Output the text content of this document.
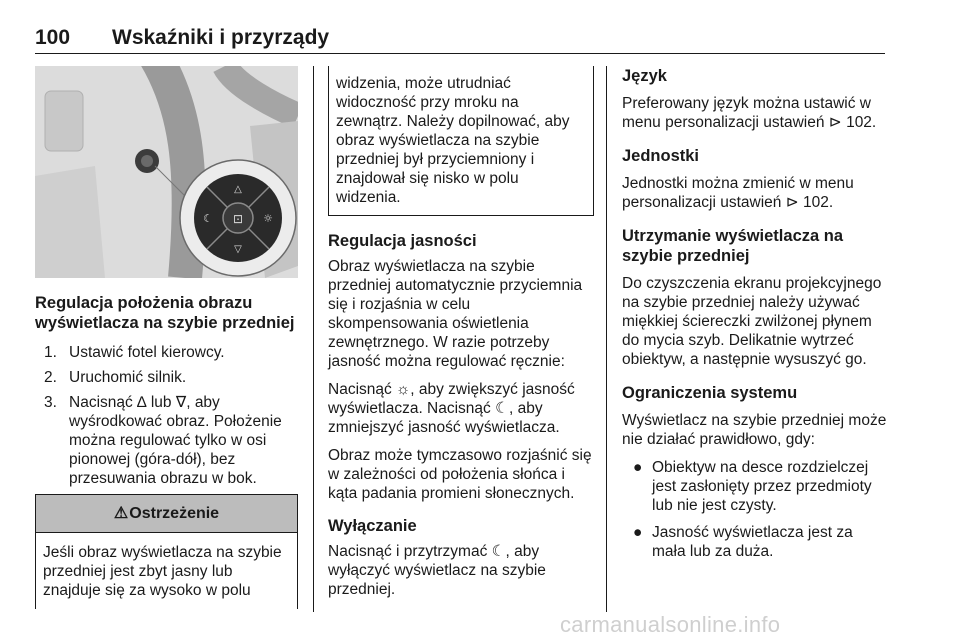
100 Wskaźniki i przyrządy
⊡
△
▽
☾	☼
Regulacja położenia obrazu wyświetlacza na szybie przedniej
1. Ustawić fotel kierowcy.
2. Uruchomić silnik.
3. Nacisnąć ∆ lub ∇, aby wyśrodkować obraz. Położenie można regulować tylko w osi pionowej (góra-dół), bez przesuwania obrazu w bok.
⚠ Ostrzeżenie
Jeśli obraz wyświetlacza na szybie przedniej jest zbyt jasny lub znajduje się za wysoko w polu
widzenia, może utrudniać widoczność przy mroku na zewnątrz. Należy dopilnować, aby obraz wyświetlacza na szybie przedniej był przyciemniony i znajdował się nisko w polu widzenia.
Regulacja jasności
Obraz wyświetlacza na szybie przedniej automatycznie przyciemnia się i rozjaśnia w celu skompensowania oświetlenia zewnętrznego. W razie potrzeby jasność można regulować ręcznie:
Nacisnąć ☼, aby zwiększyć jasność wyświetlacza. Nacisnąć ☾, aby zmniejszyć jasność wyświetlacza.
Obraz może tymczasowo rozjaśnić się w zależności od położenia słońca i kąta padania promieni słonecznych.
Wyłączanie
Nacisnąć i przytrzymać ☾, aby wyłączyć wyświetlacz na szybie przedniej.
Język
Preferowany język można ustawić w menu personalizacji ustawień ⊳ 102.
Jednostki
Jednostki można zmienić w menu personalizacji ustawień ⊳ 102.
Utrzymanie wyświetlacza na szybie przedniej
Do czyszczenia ekranu projekcyjnego na szybie przedniej należy używać miękkiej ściereczki zwilżonej płynem do mycia szyb. Delikatnie wytrzeć obiektyw, a następnie wysuszyć go.
Ograniczenia systemu
Wyświetlacz na szybie przedniej może nie działać prawidłowo, gdy:
● Obiektyw na desce rozdzielczej jest zasłonięty przez przedmioty lub nie jest czysty.
● Jasność wyświetlacza jest za mała lub za duża.
carmanualsonline.info
